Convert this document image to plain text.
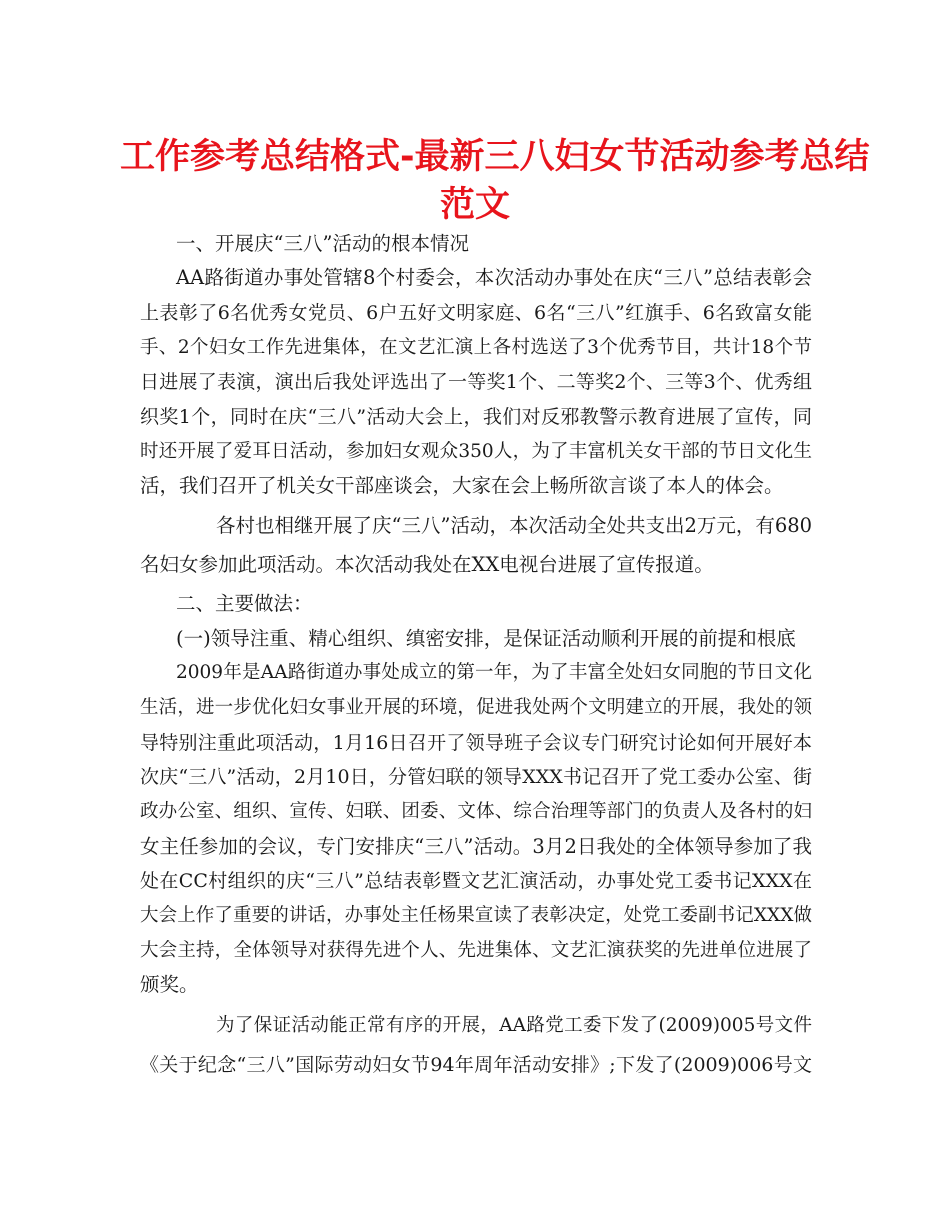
工作参考总结格式-最新三八妇女节活动参考总结
范文

一、开展庆“三八”活动的根本情况

AA路街道办事处管辖8个村委会，本次活动办事处在庆“三八”总结表彰会

上表彰了6名优秀女党员、6户五好文明家庭、6名“三八”红旗手、6名致富女能

手、2个妇女工作先进集体，在文艺汇演上各村选送了3个优秀节目，共计18个节

日进展了表演，演出后我处评选出了一等奖1个、二等奖2个、三等3个、优秀组

织奖1个，同时在庆“三八”活动大会上，我们对反邪教警示教育进展了宣传，同

时还开展了爱耳日活动，参加妇女观众350人，为了丰富机关女干部的节日文化生

活，我们召开了机关女干部座谈会，大家在会上畅所欲言谈了本人的体会。

各村也相继开展了庆“三八”活动，本次活动全处共支出2万元，有680

名妇女参加此项活动。本次活动我处在XX电视台进展了宣传报道。

二、主要做法：

(一)领导注重、精心组织、缜密安排，是保证活动顺利开展的前提和根底

2009年是AA路街道办事处成立的第一年，为了丰富全处妇女同胞的节日文化

生活，进一步优化妇女事业开展的环境，促进我处两个文明建立的开展，我处的领

导特别注重此项活动，1月16日召开了领导班子会议专门研究讨论如何开展好本

次庆“三八”活动，2月10日，分管妇联的领导XXX书记召开了党工委办公室、街

政办公室、组织、宣传、妇联、团委、文体、综合治理等部门的负责人及各村的妇

女主任参加的会议，专门安排庆“三八”活动。3月2日我处的全体领导参加了我

处在CC村组织的庆“三八”总结表彰暨文艺汇演活动，办事处党工委书记XXX在

大会上作了重要的讲话，办事处主任杨果宣读了表彰决定，处党工委副书记XXX做

大会主持，全体领导对获得先进个人、先进集体、文艺汇演获奖的先进单位进展了

颁奖。

为了保证活动能正常有序的开展，AA路党工委下发了(2009)005号文件

《关于纪念“三八”国际劳动妇女节94年周年活动安排》;下发了(2009)006号文
